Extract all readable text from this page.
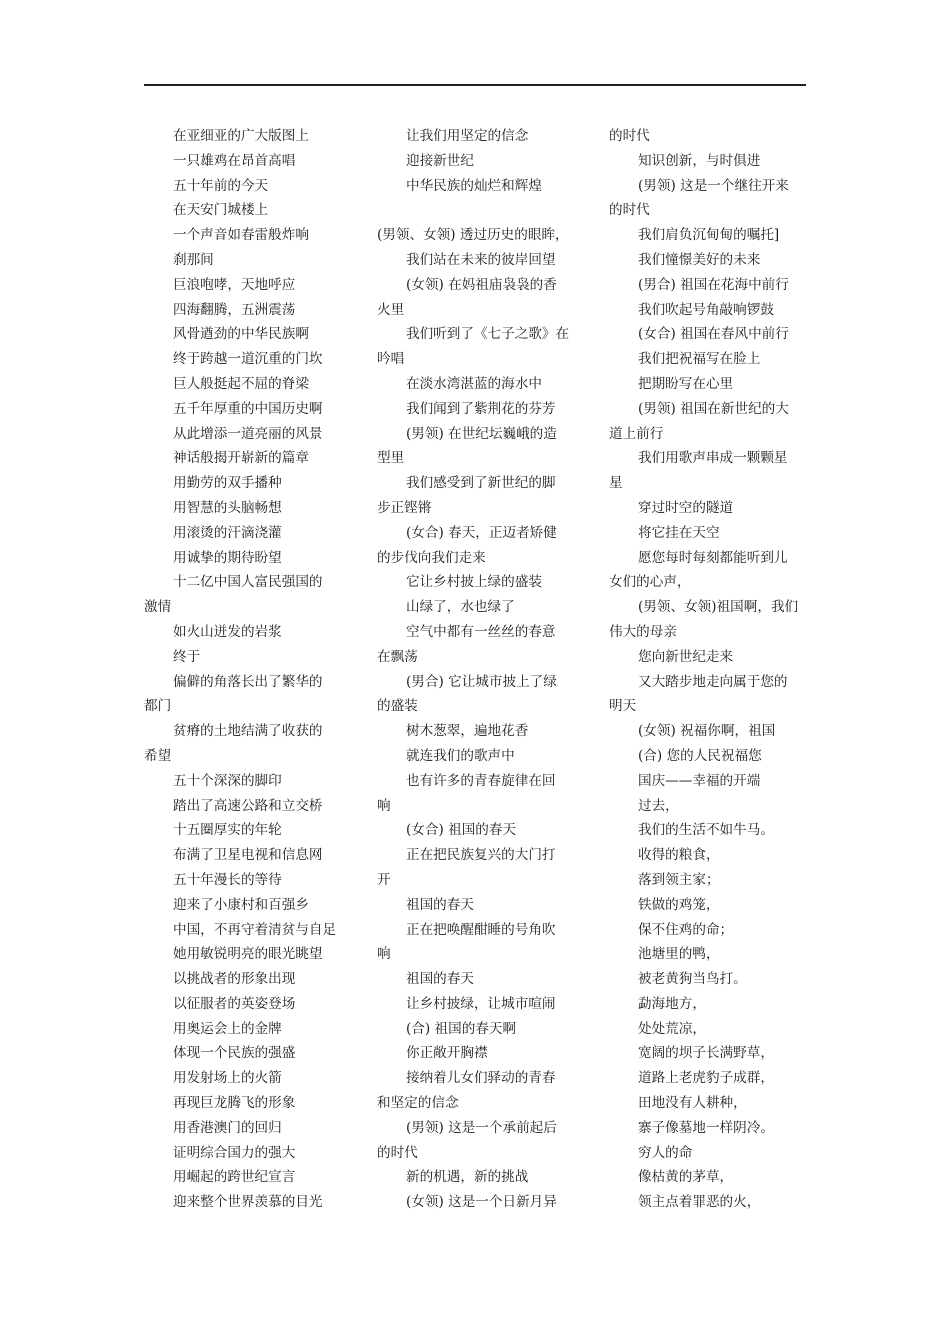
在亚细亚的广大版图上
一只雄鸡在昂首高唱
五十年前的今天
在天安门城楼上
一个声音如春雷般炸响
刹那间
巨浪咆哮，天地呼应
四海翻腾，五洲震荡
风骨遒劲的中华民族啊
终于跨越一道沉重的门坎
巨人般挺起不屈的脊梁
五千年厚重的中国历史啊
从此增添一道亮丽的风景
神话般揭开崭新的篇章
用勤劳的双手播种
用智慧的头脑畅想
用滚烫的汗滴浇灌
用诚挚的期待盼望
十二亿中国人富民强国的
激情
如火山迸发的岩浆
终于
偏僻的角落长出了繁华的
都门
贫瘠的土地结满了收获的
希望
五十个深深的脚印
踏出了高速公路和立交桥
十五圈厚实的年轮
布满了卫星电视和信息网
五十年漫长的等待
迎来了小康村和百强乡
中国，不再守着清贫与自足
她用敏锐明亮的眼光眺望
以挑战者的形象出现
以征服者的英姿登场
用奥运会上的金牌
体现一个民族的强盛
用发射场上的火箭
再现巨龙腾飞的形象
用香港澳门的回归
证明综合国力的强大
用崛起的跨世纪宣言
迎来整个世界羡慕的目光
让我们用坚定的信念
迎接新世纪
中华民族的灿烂和辉煌
(男领、女领) 透过历史的眼眸，
我们站在未来的彼岸回望
(女领) 在妈祖庙袅袅的香
火里
我们听到了《七子之歌》在
吟唱
在淡水湾湛蓝的海水中
我们闻到了紫荆花的芬芳
(男领) 在世纪坛巍峨的造
型里
我们感受到了新世纪的脚
步正铿锵
(女合) 春天，正迈者矫健
的步伐向我们走来
它让乡村披上绿的盛装
山绿了，水也绿了
空气中都有一丝丝的春意
在飘荡
(男合) 它让城市披上了绿
的盛装
树木葱翠，遍地花香
就连我们的歌声中
也有许多的青春旋律在回
响
(女合) 祖国的春天
正在把民族复兴的大门打
开
祖国的春天
正在把唤醒酣睡的号角吹
响
祖国的春天
让乡村披绿，让城市喧闹
(合) 祖国的春天啊
你正敞开胸襟
接纳着儿女们驿动的青春
和坚定的信念
(男领) 这是一个承前起后
的时代
新的机遇，新的挑战
(女领) 这是一个日新月异
的时代
知识创新，与时俱进
(男领) 这是一个继往开来
的时代
我们肩负沉甸甸的嘱托]
我们憧憬美好的未来
(男合) 祖国在花海中前行
我们吹起号角敲响锣鼓
(女合) 祖国在春风中前行
我们把祝福写在脸上
把期盼写在心里
(男领) 祖国在新世纪的大
道上前行
我们用歌声串成一颗颗星
星
穿过时空的隧道
将它挂在天空
愿您每时每刻都能听到儿
女们的心声，
(男领、女领)祖国啊，我们
伟大的母亲
您向新世纪走来
又大踏步地走向属于您的
明天
(女领) 祝福你啊，祖国
(合) 您的人民祝福您
国庆——幸福的开端
过去，
我们的生活不如牛马。
收得的粮食，
落到领主家；
铁做的鸡笼，
保不住鸡的命；
池塘里的鸭，
被老黄狗当鸟打。
勐海地方，
处处荒凉，
宽阔的坝子长满野草，
道路上老虎豹子成群，
田地没有人耕种，
寨子像墓地一样阴冷。
穷人的命
像枯黄的茅草，
领主点着罪恶的火，
